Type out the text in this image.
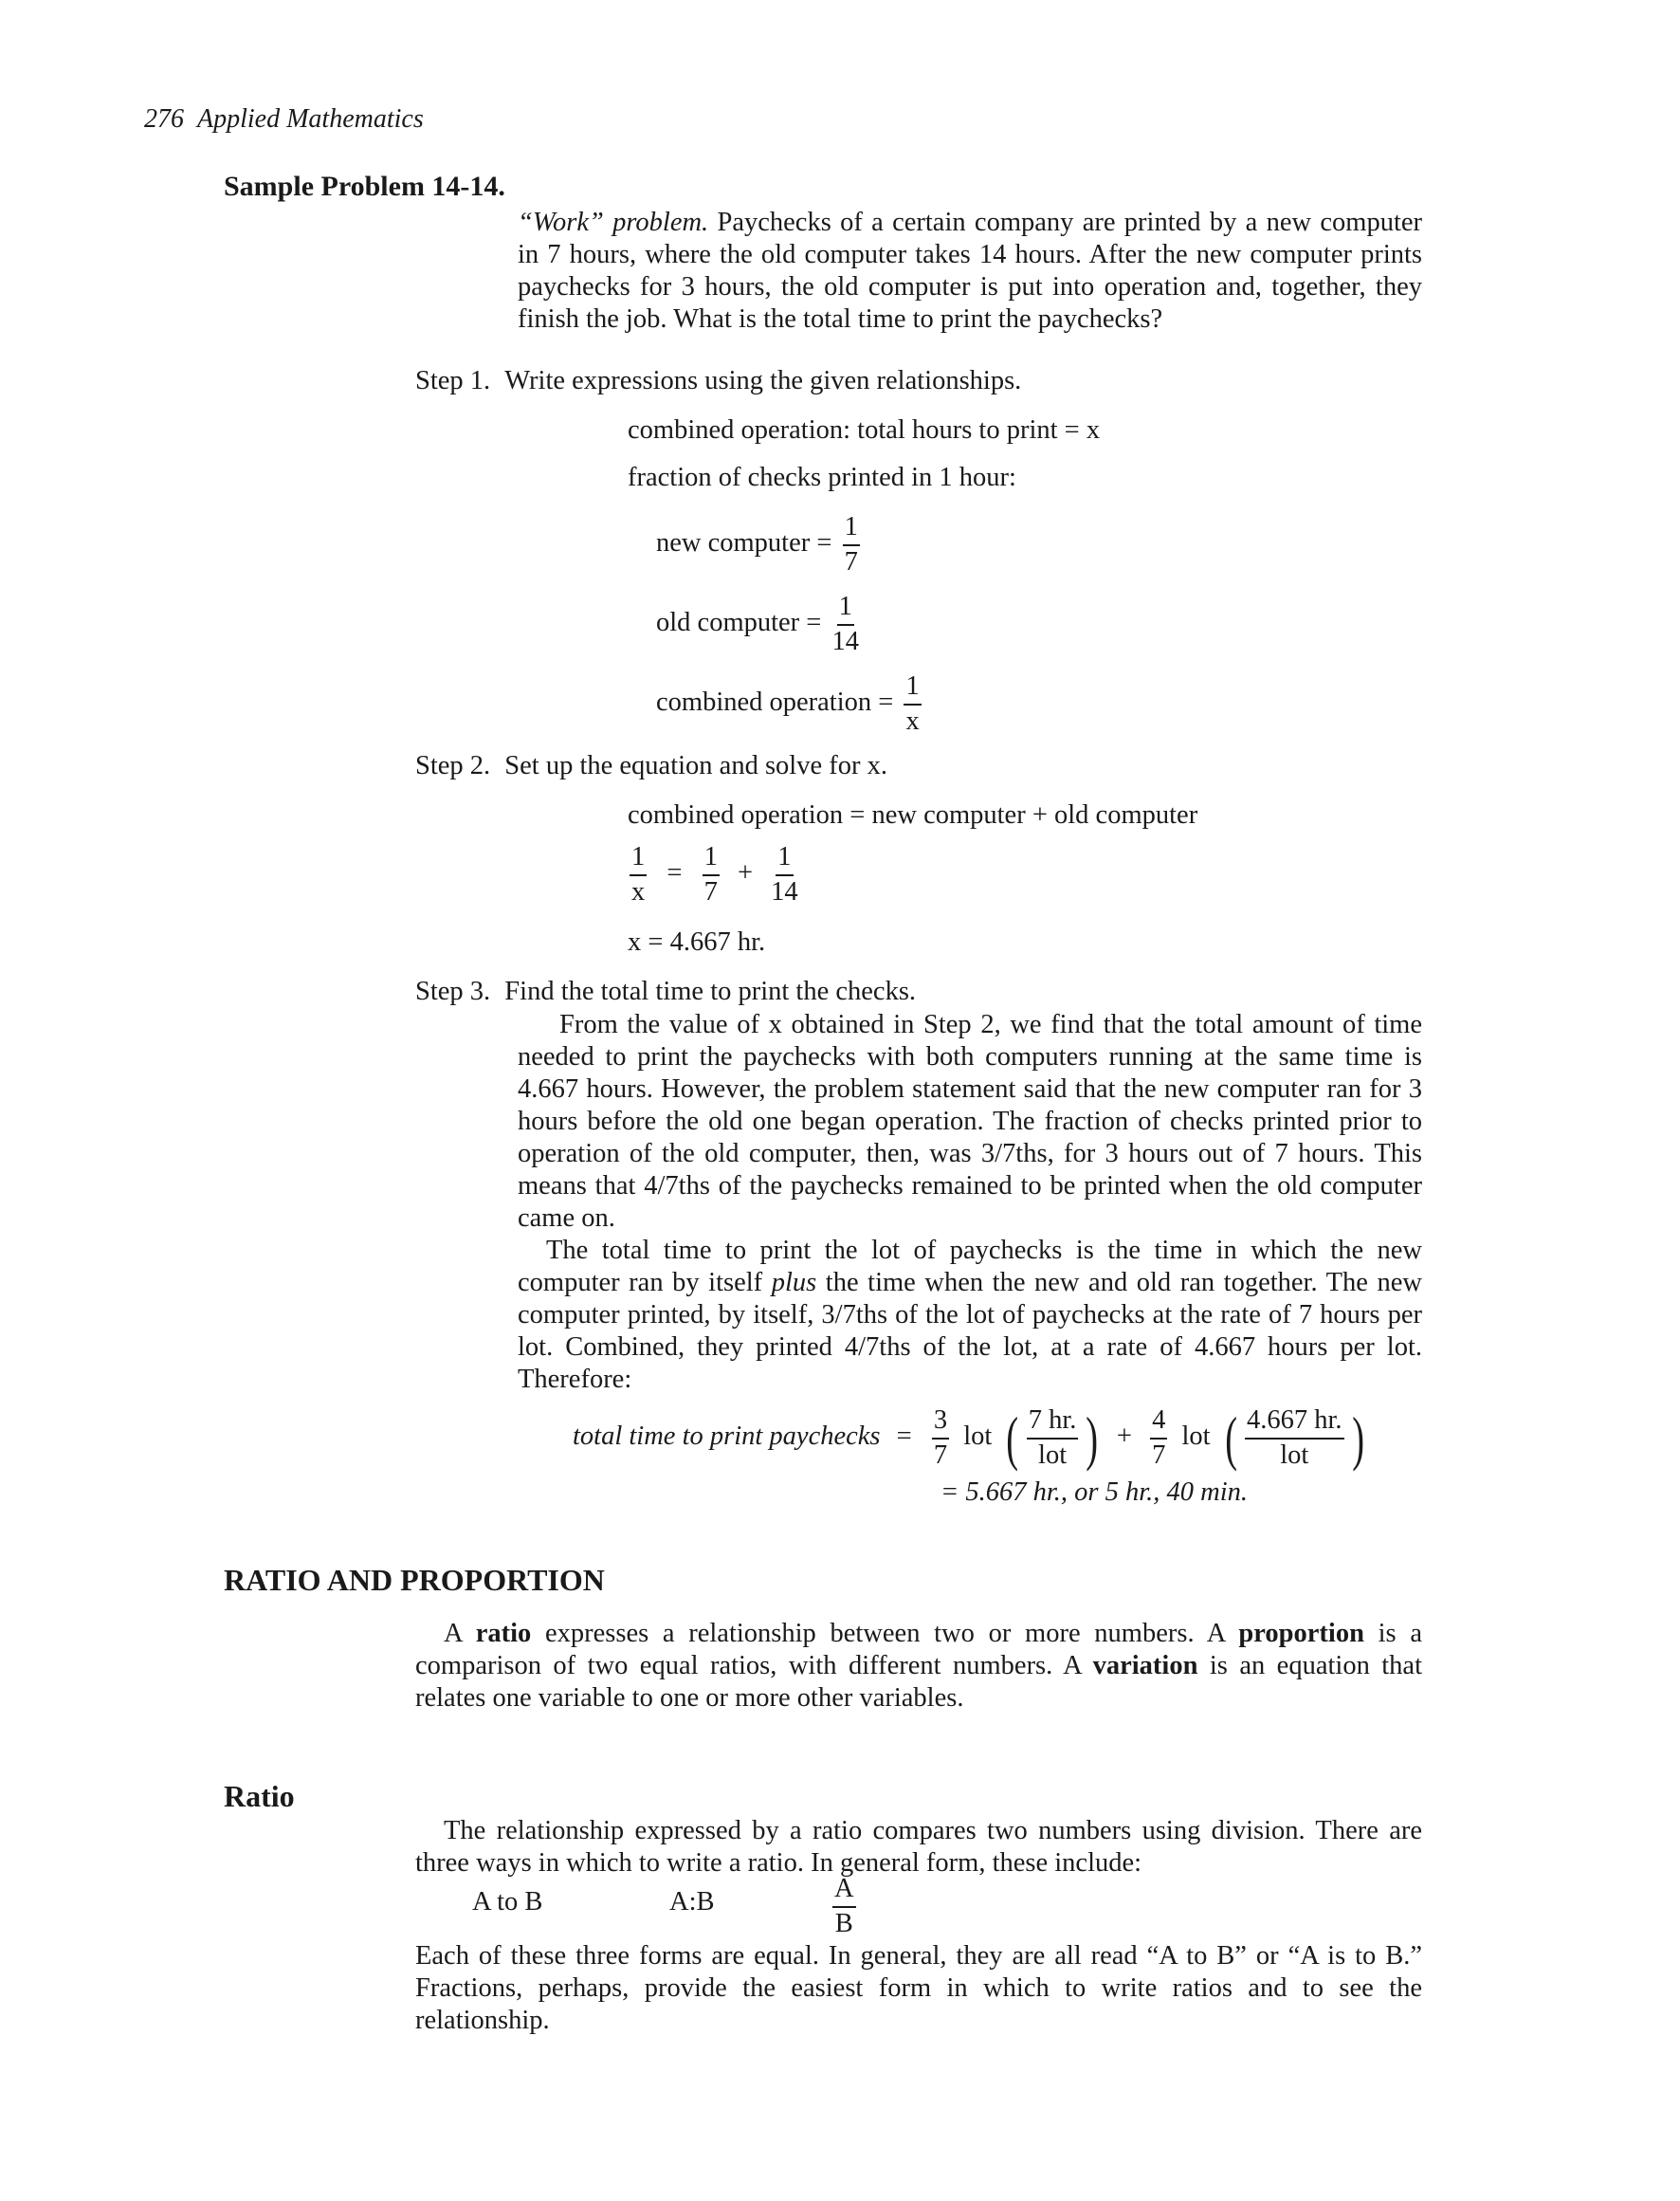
276 Applied Mathematics
Sample Problem 14-14.
“Work” problem. Paychecks of a certain company are printed by a new computer in 7 hours, where the old computer takes 14 hours. After the new computer prints paychecks for 3 hours, the old computer is put into operation and, together, they finish the job. What is the total time to print the paychecks?
Step 1. Write expressions using the given relationships.
combined operation: total hours to print = x
fraction of checks printed in 1 hour:
new computer = $\frac{1}{7}$
old computer = $\frac{1}{14}$
combined operation = $\frac{1}{x}$
Step 2. Set up the equation and solve for x.
combined operation = new computer + old computer
$\frac{1}{x} = \frac{1}{7} + \frac{1}{14}$
x = 4.667 hr.
Step 3. Find the total time to print the checks.
From the value of x obtained in Step 2, we find that the total amount of time needed to print the paychecks with both computers running at the same time is 4.667 hours. However, the problem statement said that the new computer ran for 3 hours before the old one began operation. The fraction of checks printed prior to operation of the old computer, then, was 3/7ths, for 3 hours out of 7 hours. This means that 4/7ths of the paychecks remained to be printed when the old computer came on.
The total time to print the lot of paychecks is the time in which the new computer ran by itself plus the time when the new and old ran together. The new computer printed, by itself, 3/7ths of the lot of paychecks at the rate of 7 hours per lot. Combined, they printed 4/7ths of the lot, at a rate of 4.667 hours per lot. Therefore:
total time to print paychecks = $\frac{3}{7}$ lot ( $\frac{7 hr.}{\text{lot}}$ ) + $\frac{4}{7}$ lot ( $\frac{4.667 hr.}{\text{lot}}$ )
= 5.667 hr., or 5 hr., 40 min.
RATIO AND PROPORTION
A ratio expresses a relationship between two or more numbers. A proportion is a comparison of two equal ratios, with different numbers. A variation is an equation that relates one variable to one or more other variables.
Ratio
The relationship expressed by a ratio compares two numbers using division. There are three ways in which to write a ratio. In general form, these include:
A to B	A:B	$\frac{A}{B}$
Each of these three forms are equal. In general, they are all read “A to B” or “A is to B.” Fractions, perhaps, provide the easiest form in which to write ratios and to see the relationship.
